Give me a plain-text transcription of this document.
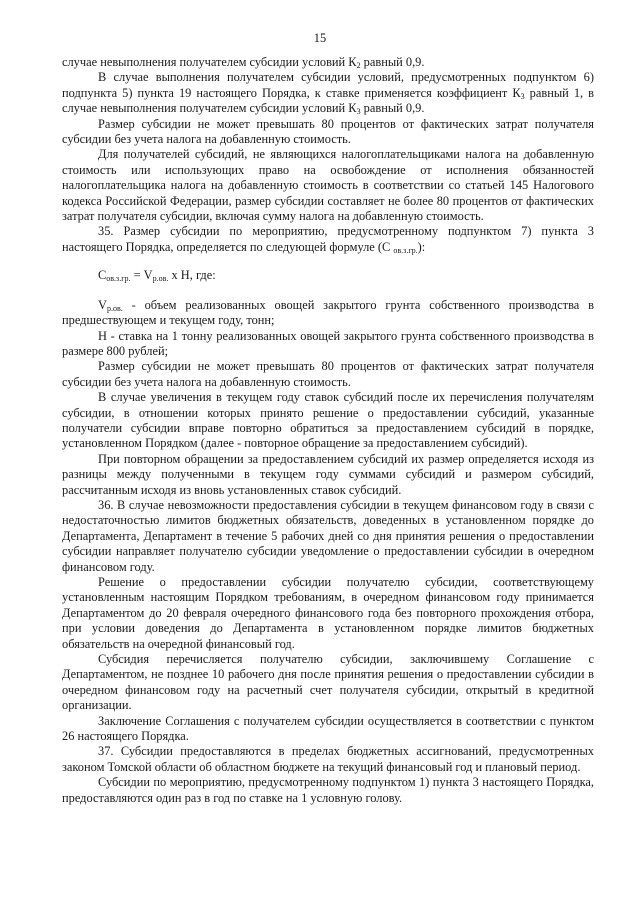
15

случае невыполнения получателем субсидии условий $К_2$ равный 0,9.

В случае выполнения получателем субсидии условий, предусмотренных подпунктом 6) подпункта 5) пункта 19 настоящего Порядка, к ставке применяется коэффициент $К_3$ равный 1, в случае невыполнения получателем субсидии условий $К_3$ равный 0,9.

Размер субсидии не может превышать 80 процентов от фактических затрат получателя субсидии без учета налога на добавленную стоимость.

Для получателей субсидий, не являющихся налогоплательщиками налога на добавленную стоимость или использующих право на освобождение от исполнения обязанностей налогоплательщика налога на добавленную стоимость в соответствии со статьей 145 Налогового кодекса Российской Федерации, размер субсидии составляет не более 80 процентов от фактических затрат получателя субсидии, включая сумму налога на добавленную стоимость.

35. Размер субсидии по мероприятию, предусмотренному подпунктом 7) пункта 3 настоящего Порядка, определяется по следующей формуле (С $_{ов.з.гр.}$):

$С_{ов.з.гр.} = V_{р.ов.}$ х Н, где:

$V_{р.ов.}$ - объем реализованных овощей закрытого грунта собственного производства в предшествующем и текущем году, тонн;

Н - ставка на 1 тонну реализованных овощей закрытого грунта собственного производства в размере 800 рублей;

Размер субсидии не может превышать 80 процентов от фактических затрат получателя субсидии без учета налога на добавленную стоимость.

В случае увеличения в текущем году ставок субсидий после их перечисления получателям субсидии, в отношении которых принято решение о предоставлении субсидий, указанные получатели субсидии вправе повторно обратиться за предоставлением субсидий в порядке, установленном Порядком (далее - повторное обращение за предоставлением субсидий).

При повторном обращении за предоставлением субсидий их размер определяется исходя из разницы между полученными в текущем году суммами субсидий и размером субсидий, рассчитанным исходя из вновь установленных ставок субсидий.

36. В случае невозможности предоставления субсидии в текущем финансовом году в связи с недостаточностью лимитов бюджетных обязательств, доведенных в установленном порядке до Департамента, Департамент в течение 5 рабочих дней со дня принятия решения о предоставлении субсидии направляет получателю субсидии уведомление о предоставлении субсидии в очередном финансовом году.

Решение о предоставлении субсидии получателю субсидии, соответствующему установленным настоящим Порядком требованиям, в очередном финансовом году принимается Департаментом до 20 февраля очередного финансового года без повторного прохождения отбора, при условии доведения до Департамента в установленном порядке лимитов бюджетных обязательств на очередной финансовый год.

Субсидия перечисляется получателю субсидии, заключившему Соглашение с Департаментом, не позднее 10 рабочего дня после принятия решения о предоставлении субсидии в очередном финансовом году на расчетный счет получателя субсидии, открытый в кредитной организации.

Заключение Соглашения с получателем субсидии осуществляется в соответствии с пунктом 26 настоящего Порядка.

37. Субсидии предоставляются в пределах бюджетных ассигнований, предусмотренных законом Томской области об областном бюджете на текущий финансовый год и плановый период.

Субсидии по мероприятию, предусмотренному подпунктом 1) пункта 3 настоящего Порядка, предоставляются один раз в год по ставке на 1 условную голову.
